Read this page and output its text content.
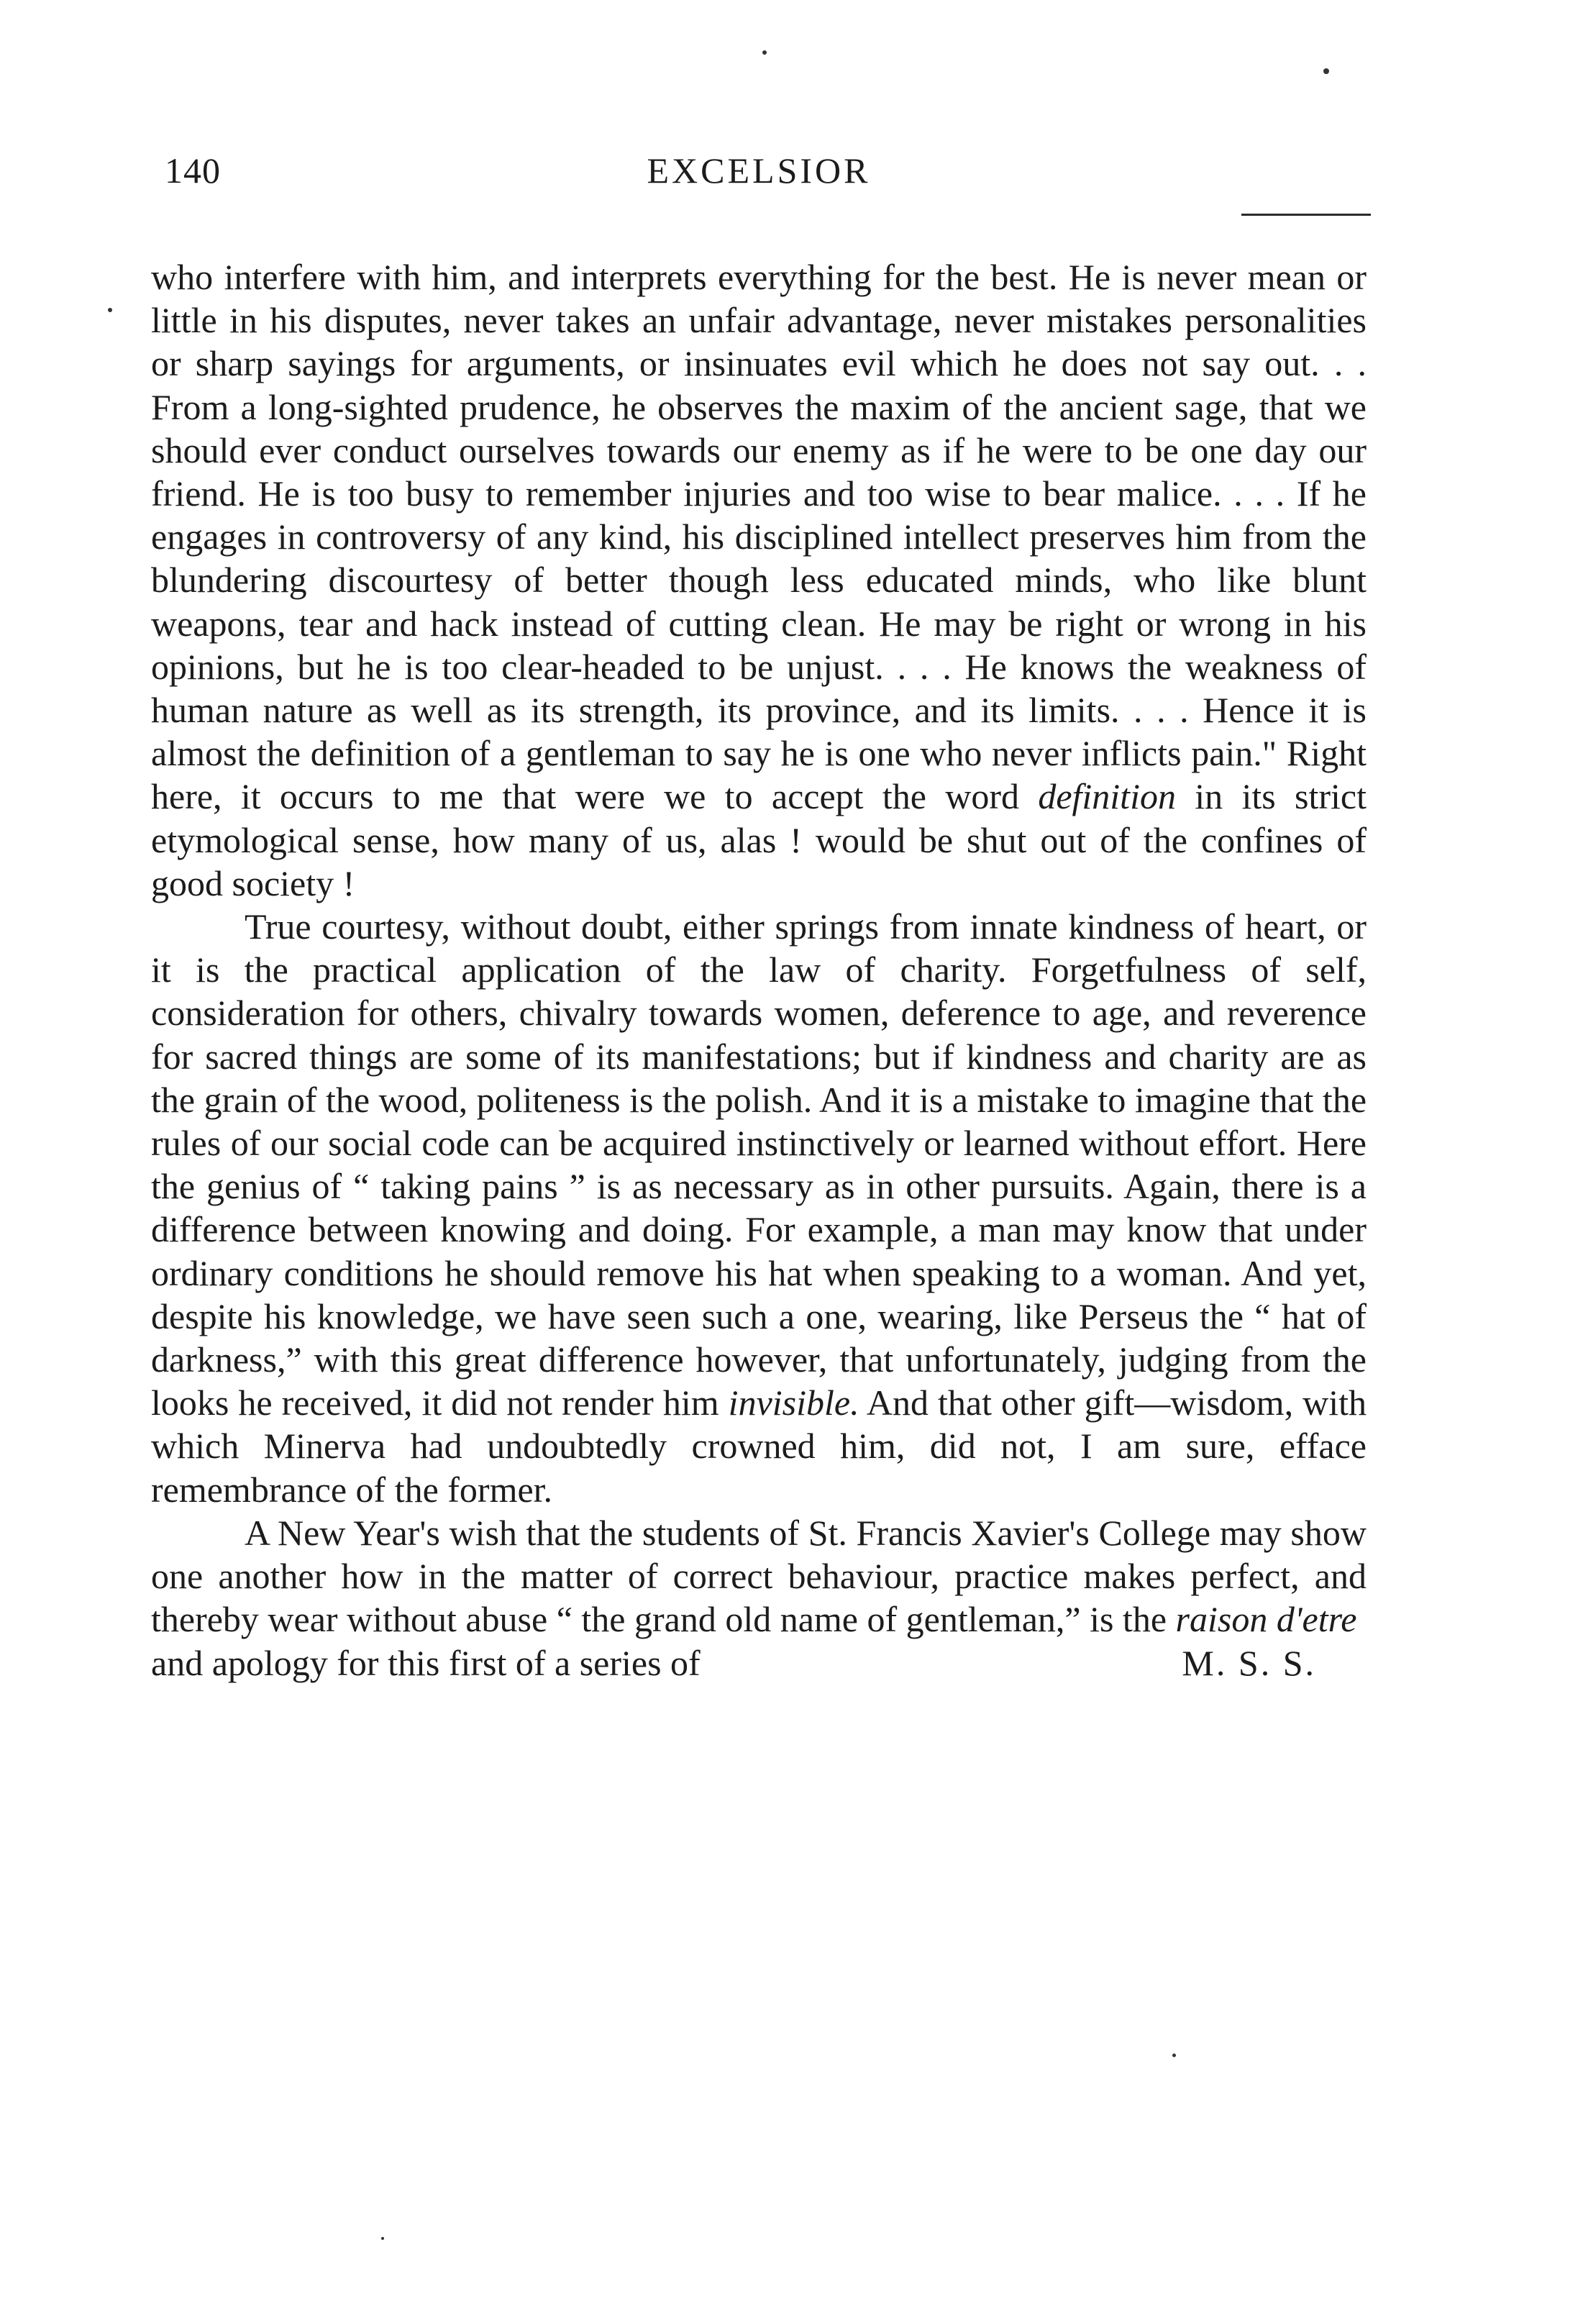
140	EXCELSIOR

who interfere with him, and interprets everything for the best. He is never mean or little in his disputes, never takes an unfair advantage, never mistakes personalities or sharp sayings for arguments, or insinuates evil which he does not say out. . . From a long-sighted prudence, he observes the maxim of the ancient sage, that we should ever conduct ourselves towards our enemy as if he were to be one day our friend. He is too busy to remember injuries and too wise to bear malice. . . . If he engages in controversy of any kind, his disciplined intellect preserves him from the blundering discourtesy of better though less educated minds, who like blunt weapons, tear and hack instead of cutting clean. He may be right or wrong in his opinions, but he is too clear-headed to be unjust. . . . He knows the weakness of human nature as well as its strength, its province, and its limits. . . . Hence it is almost the definition of a gentleman to say he is one who never inflicts pain." Right here, it occurs to me that were we to accept the word definition in its strict etymological sense, how many of us, alas ! would be shut out of the confines of good society !

True courtesy, without doubt, either springs from innate kindness of heart, or it is the practical application of the law of charity. Forgetfulness of self, consideration for others, chivalry towards women, deference to age, and reverence for sacred things are some of its manifestations; but if kindness and charity are as the grain of the wood, politeness is the polish. And it is a mistake to imagine that the rules of our social code can be acquired instinctively or learned without effort. Here the genius of “ taking pains ” is as necessary as in other pursuits. Again, there is a difference between knowing and doing. For example, a man may know that under ordinary conditions he should remove his hat when speaking to a woman. And yet, despite his knowledge, we have seen such a one, wearing, like Perseus the “ hat of darkness,” with this great difference however, that unfortunately, judging from the looks he received, it did not render him invisible. And that other gift—wisdom, with which Minerva had undoubtedly crowned him, did not, I am sure, efface remembrance of the former.

A New Year's wish that the students of St. Francis Xavier's College may show one another how in the matter of correct behaviour, practice makes perfect, and thereby wear without abuse “ the grand old name of gentleman,” is the raison d'etre

and apology for this first of a series of	M. S. S.
